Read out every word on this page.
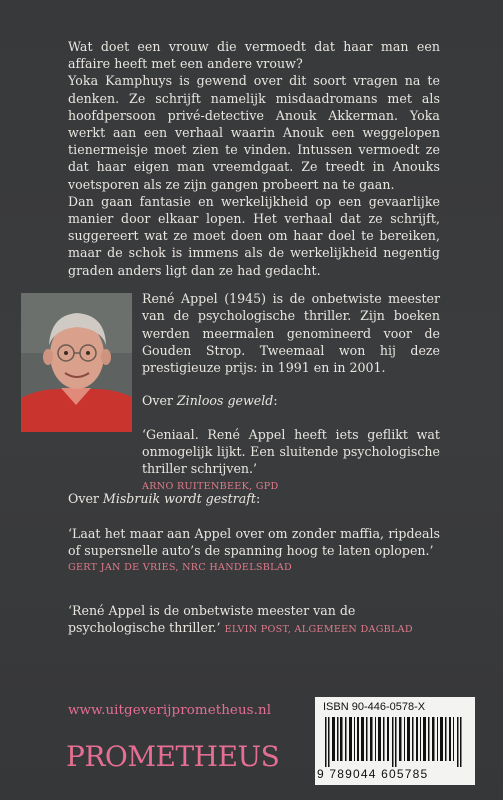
Wat doet een vrouw die vermoedt dat haar man een affaire heeft met een andere vrouw?

Yoka Kamphuys is gewend over dit soort vragen na te denken. Ze schrijft namelijk misdaadromans met als hoofdpersoon privé-detective Anouk Akkerman. Yoka werkt aan een verhaal waarin Anouk een weggelopen tienermeisje moet zien te vinden. Intussen vermoedt ze dat haar eigen man vreemdgaat. Ze treedt in Anouks voetsporen als ze zijn gangen probeert na te gaan.

Dan gaan fantasie en werkelijkheid op een gevaarlijke manier door elkaar lopen. Het verhaal dat ze schrijft, suggereert wat ze moet doen om haar doel te bereiken, maar de schok is immens als de werkelijkheid negentig graden anders ligt dan ze had gedacht.

René Appel (1945) is de onbetwiste meester van de psychologische thriller. Zijn boeken werden meermalen genomineerd voor de Gouden Strop. Tweemaal won hij deze prestigieuze prijs: in 1991 en in 2001.
Over Zinloos geweld:

‘Geniaal. René Appel heeft iets geflikt wat onmogelijk lijkt. Een sluitende psychologische thriller schrijven.’

ARNO RUITENBEEK, GPD
Over Misbruik wordt gestraft:

‘Laat het maar aan Appel over om zonder maffia, ripdeals of supersnelle auto’s de spanning hoog te laten oplopen.’

GERT JAN DE VRIES, NRC HANDELSBLAD
‘René Appel is de onbetwiste meester van de psychologische thriller.’ ELVIN POST, ALGEMEEN DAGBLAD
www.uitgeverijprometheus.nl
PROMETHEUS
ISBN 90-446-0578-X
9 789044 605785
